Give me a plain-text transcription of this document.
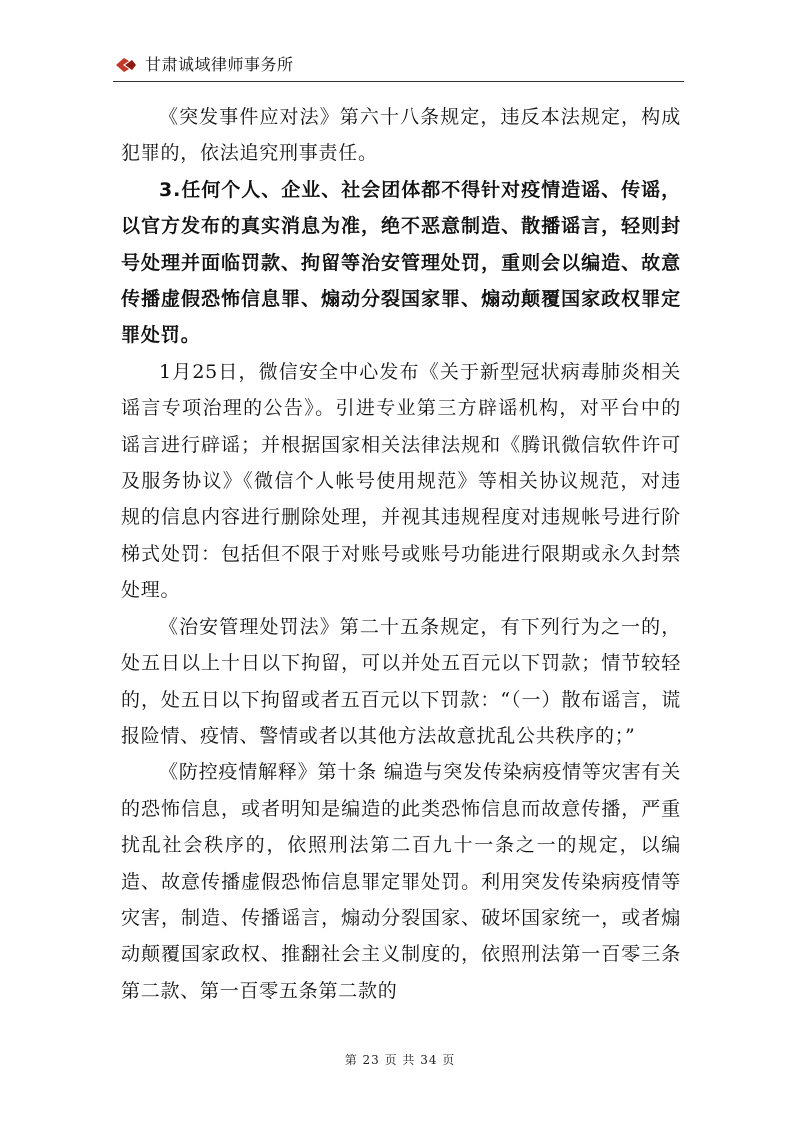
甘肃诚域律师事务所

《突发事件应对法》第六十八条规定，违反本法规定，构成犯罪的，依法追究刑事责任。

3.任何个人、企业、社会团体都不得针对疫情造谣、传谣，以官方发布的真实消息为准，绝不恶意制造、散播谣言，轻则封号处理并面临罚款、拘留等治安管理处罚，重则会以编造、故意传播虚假恐怖信息罪、煽动分裂国家罪、煽动颠覆国家政权罪定罪处罚。

1月25日，微信安全中心发布《关于新型冠状病毒肺炎相关谣言专项治理的公告》。引进专业第三方辟谣机构，对平台中的谣言进行辟谣；并根据国家相关法律法规和《腾讯微信软件许可及服务协议》《微信个人帐号使用规范》等相关协议规范，对违规的信息内容进行删除处理，并视其违规程度对违规帐号进行阶梯式处罚：包括但不限于对账号或账号功能进行限期或永久封禁处理。

《治安管理处罚法》第二十五条规定，有下列行为之一的，处五日以上十日以下拘留，可以并处五百元以下罚款；情节较轻的，处五日以下拘留或者五百元以下罚款：“（一）散布谣言，谎报险情、疫情、警情或者以其他方法故意扰乱公共秩序的；”

《防控疫情解释》第十条 编造与突发传染病疫情等灾害有关的恐怖信息，或者明知是编造的此类恐怖信息而故意传播，严重扰乱社会秩序的，依照刑法第二百九十一条之一的规定，以编造、故意传播虚假恐怖信息罪定罪处罚。利用突发传染病疫情等灾害，制造、传播谣言，煽动分裂国家、破坏国家统一，或者煽动颠覆国家政权、推翻社会主义制度的，依照刑法第一百零三条第二款、第一百零五条第二款的

第 23 页 共 34 页
